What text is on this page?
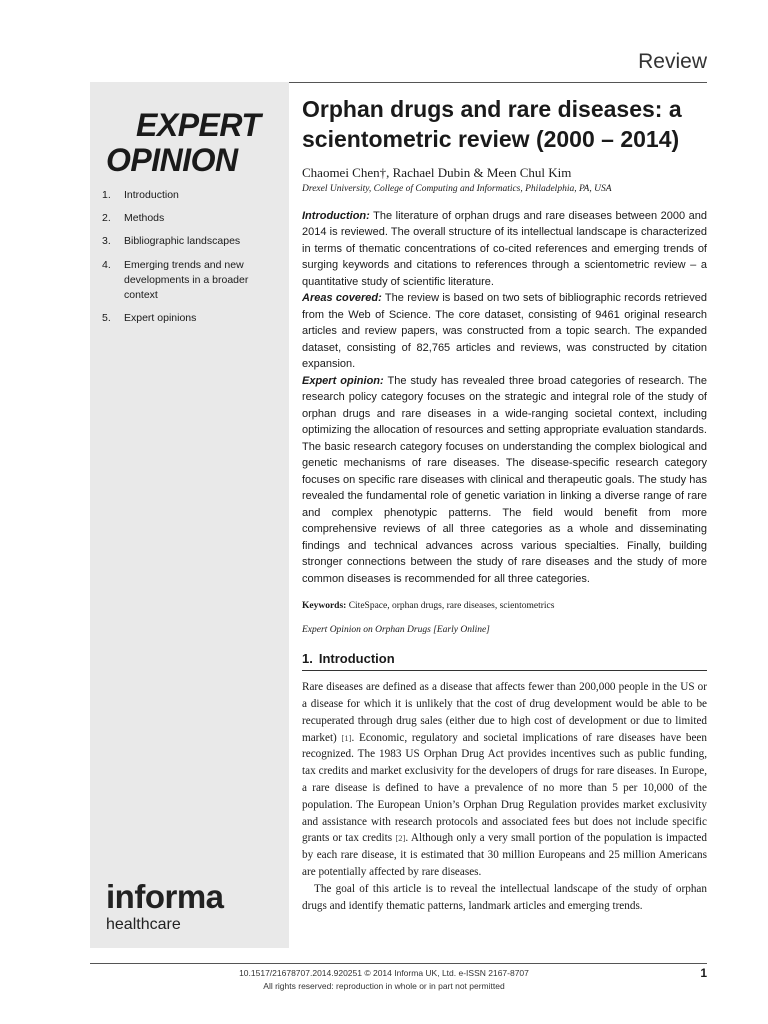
Review
EXPERT
OPINION
1.	Introduction
2.	Methods
3.	Bibliographic landscapes
4.	Emerging trends and new developments in a broader context
5.	Expert opinions
informa
healthcare
Orphan drugs and rare diseases: a scientometric review (2000 – 2014)
Chaomei Chen†, Rachael Dubin & Meen Chul Kim
Drexel University, College of Computing and Informatics, Philadelphia, PA, USA

Introduction: The literature of orphan drugs and rare diseases between 2000 and 2014 is reviewed. The overall structure of its intellectual landscape is characterized in terms of thematic concentrations of co-cited references and emerging trends of surging keywords and citations to references through a scientometric review – a quantitative study of scientific literature.

Areas covered: The review is based on two sets of bibliographic records retrieved from the Web of Science. The core dataset, consisting of 9461 original research articles and review papers, was constructed from a topic search. The expanded dataset, consisting of 82,765 articles and reviews, was constructed by citation expansion.

Expert opinion: The study has revealed three broad categories of research. The research policy category focuses on the strategic and integral role of the study of orphan drugs and rare diseases in a wide-ranging societal context, including optimizing the allocation of resources and setting appropriate evaluation standards. The basic research category focuses on understanding the complex biological and genetic mechanisms of rare diseases. The disease-specific research category focuses on specific rare diseases with clinical and therapeutic goals. The study has revealed the fundamental role of genetic variation in linking a diverse range of rare and complex phenotypic patterns. The field would benefit from more comprehensive reviews of all three categories as a whole and disseminating findings and technical advances across various specialties. Finally, building stronger connections between the study of rare diseases and the study of more common diseases is recommended for all three categories.

Keywords: CiteSpace, orphan drugs, rare diseases, scientometrics
Expert Opinion on Orphan Drugs [Early Online]
1. Introduction

Rare diseases are defined as a disease that affects fewer than 200,000 people in the US or a disease for which it is unlikely that the cost of drug development would be able to be recuperated through drug sales (either due to high cost of development or due to limited market) [1]. Economic, regulatory and societal implications of rare diseases have been recognized. The 1983 US Orphan Drug Act provides incentives such as public funding, tax credits and market exclusivity for the developers of drugs for rare diseases. In Europe, a rare disease is defined to have a prevalence of no more than 5 per 10,000 of the population. The European Union’s Orphan Drug Regulation provides market exclusivity and assistance with research protocols and associated fees but does not include specific grants or tax credits [2]. Although only a very small portion of the population is impacted by each rare disease, it is estimated that 30 million Europeans and 25 million Americans are potentially affected by rare diseases.

The goal of this article is to reveal the intellectual landscape of the study of orphan drugs and identify thematic patterns, landmark articles and emerging trends.

10.1517/21678707.2014.920251 © 2014 Informa UK, Ltd. e-ISSN 2167-8707
All rights reserved: reproduction in whole or in part not permitted
1
